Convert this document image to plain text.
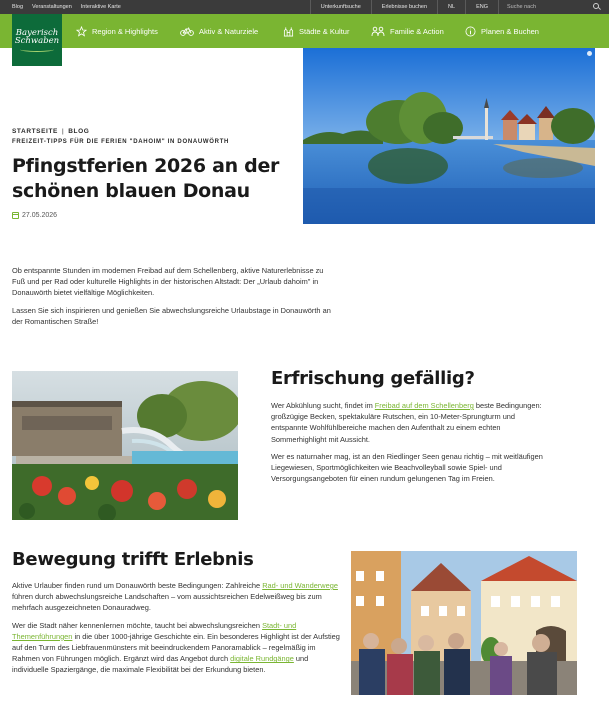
Blog Veranstaltungen Interaktive Karte	Unterkunftsuche	Erlebnisse buchen	NL	ENG	Suche nach
Bayerisch
Schwaben
Region & Highlights	Aktiv & Naturziele	Städte & Kultur	Familie & Action	Planen & Buchen
STARTSEITE | BLOG
FREIZEIT-TIPPS FÜR DIE FERIEN "DAHOIM" IN DONAUWÖRTH
Pfingstferien 2026 an der schönen blauen Donau
27.05.2026

Ob entspannte Stunden im modernen Freibad auf dem Schellenberg, aktive Naturerlebnisse zu Fuß und per Rad oder kulturelle Highlights in der historischen Altstadt: Der „Urlaub dahoim" in Donauwörth bietet vielfältige Möglichkeiten.

Lassen Sie sich inspirieren und genießen Sie abwechslungsreiche Urlaubstage in Donauwörth an der Romantischen Straße!

Erfrischung gefällig?

Wer Abkühlung sucht, findet im Freibad auf dem Schellenberg beste Bedingungen: großzügige Becken, spektakuläre Rutschen, ein 10-Meter-Sprungturm und entspannte Wohlfühlbereiche machen den Aufenthalt zu einem echten Sommerhighlight mit Aussicht.

Wer es naturnaher mag, ist an den Riedlinger Seen genau richtig – mit weitläufigen Liegewiesen, Sportmöglichkeiten wie Beachvolleyball sowie Spiel- und Versorgungsangeboten für einen rundum gelungenen Tag im Freien.

Bewegung trifft Erlebnis

Aktive Urlauber finden rund um Donauwörth beste Bedingungen: Zahlreiche Rad- und Wanderwege führen durch abwechslungsreiche Landschaften – vom aussichtsreichen Edelweißweg bis zum mehrfach ausgezeichneten Donauradweg.

Wer die Stadt näher kennenlernen möchte, taucht bei abwechslungsreichen Stadt- und Themenführungen in die über 1000-jährige Geschichte ein. Ein besonderes Highlight ist der Aufstieg auf den Turm des Liebfrauenmünsters mit beeindruckendem Panoramablick – regelmäßig im Rahmen von Führungen möglich. Ergänzt wird das Angebot durch digitale Rundgänge und individuelle Spaziergänge, die maximale Flexibilität bei der Erkundung bieten.
